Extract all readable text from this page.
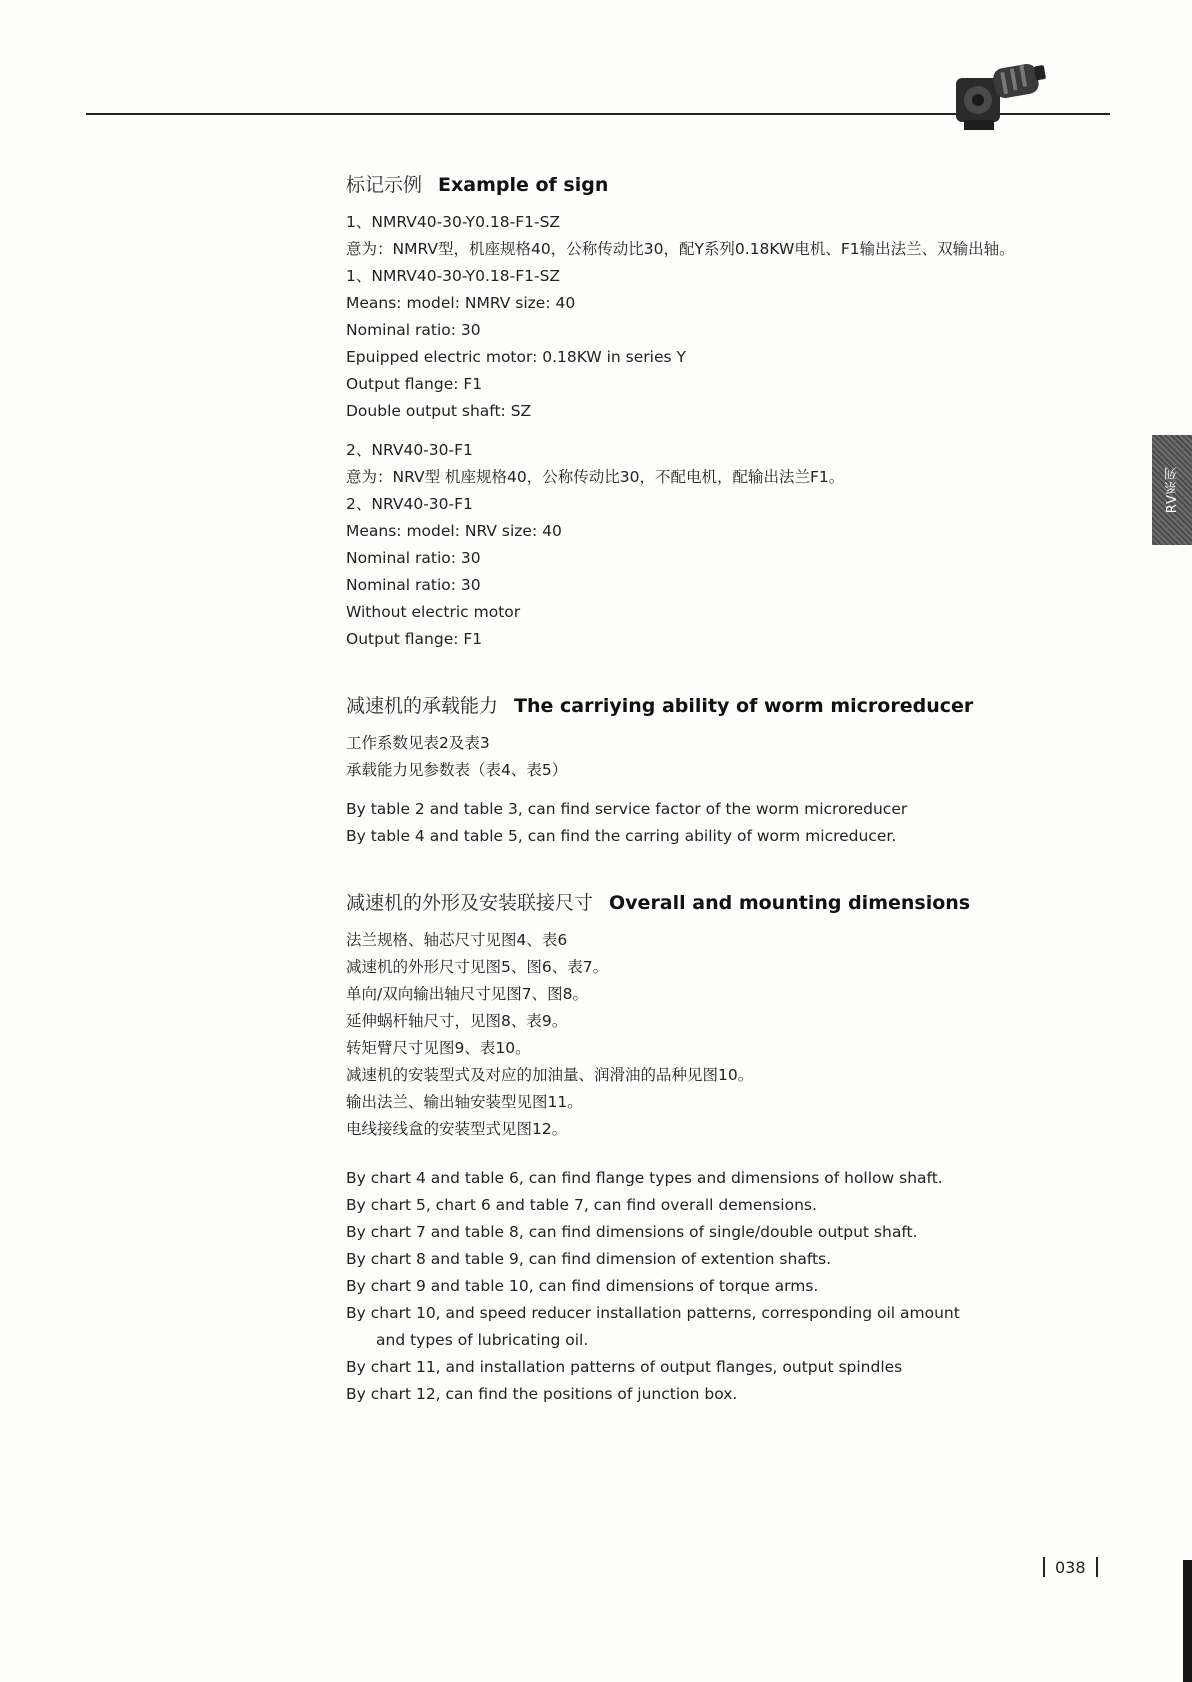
RV系列
标记示例 Example of sign
1、NMRV40-30-Y0.18-F1-SZ
意为：NMRV型，机座规格40，公称传动比30，配Y系列0.18KW电机、F1输出法兰、双输出轴。
1、NMRV40-30-Y0.18-F1-SZ
Means: model: NMRV size: 40
Nominal ratio: 30
Epuipped electric motor: 0.18KW in series Y
Output flange: F1
Double output shaft: SZ
2、NRV40-30-F1
意为：NRV型 机座规格40，公称传动比30，不配电机，配输出法兰F1。
2、NRV40-30-F1
Means: model: NRV size: 40
Nominal ratio: 30
Nominal ratio: 30
Without electric motor
Output flange: F1
减速机的承载能力 The carriying ability of worm microreducer
工作系数见表2及表3
承载能力见参数表（表4、表5）
By table 2 and table 3, can find service factor of the worm microreducer
By table 4 and table 5, can find the carring ability of worm micreducer.
减速机的外形及安装联接尺寸 Overall and mounting dimensions
法兰规格、轴芯尺寸见图4、表6
减速机的外形尺寸见图5、图6、表7。
单向/双向输出轴尺寸见图7、图8。
延伸蜗杆轴尺寸，见图8、表9。
转矩臂尺寸见图9、表10。
减速机的安装型式及对应的加油量、润滑油的品种见图10。
输出法兰、输出轴安装型见图11。
电线接线盒的安装型式见图12。
By chart 4 and table 6, can find flange types and dimensions of hollow shaft.
By chart 5, chart 6 and table 7, can find overall demensions.
By chart 7 and table 8, can find dimensions of single/double output shaft.
By chart 8 and table 9, can find dimension of extention shafts.
By chart 9 and table 10, can find dimensions of torque arms.
By chart 10, and speed reducer installation patterns, corresponding oil amount
and types of lubricating oil.
By chart 11, and installation patterns of output flanges, output spindles
By chart 12, can find the positions of junction box.
038
